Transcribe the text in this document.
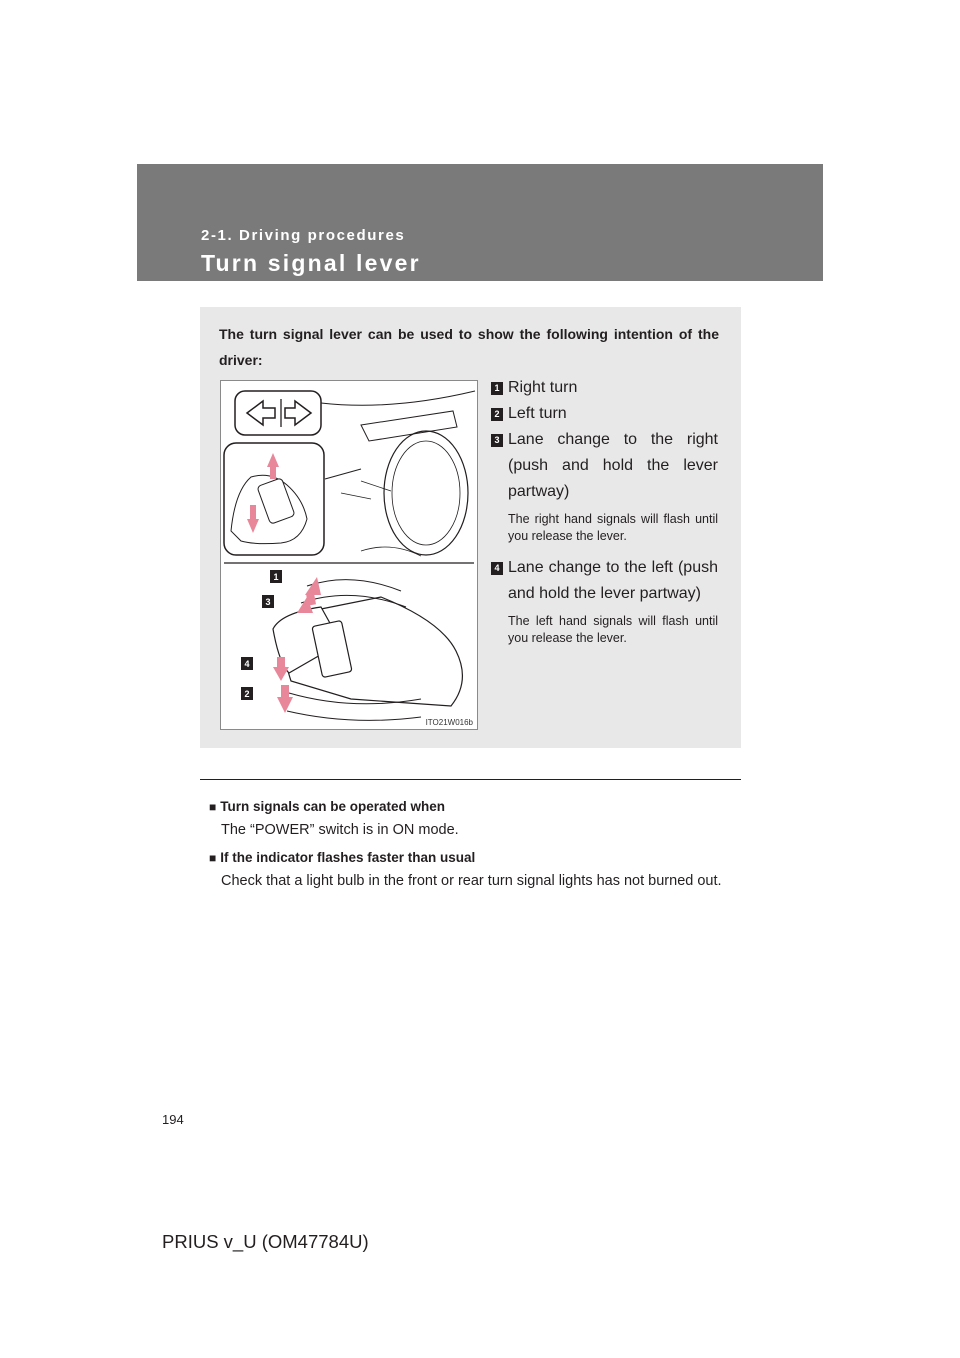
2-1. Driving procedures
Turn signal lever
The turn signal lever can be used to show the following intention of the driver:
1
3
4
2
ITO21W016b
1 Right turn
2 Left turn
3 Lane change to the right (push and hold the lever partway)
The right hand signals will flash until you release the lever.
4 Lane change to the left (push and hold the lever partway)
The left hand signals will flash until you release the lever.
■ Turn signals can be operated when
The “POWER” switch is in ON mode.
■ If the indicator flashes faster than usual
Check that a light bulb in the front or rear turn signal lights has not burned out.
194
PRIUS v_U (OM47784U)
